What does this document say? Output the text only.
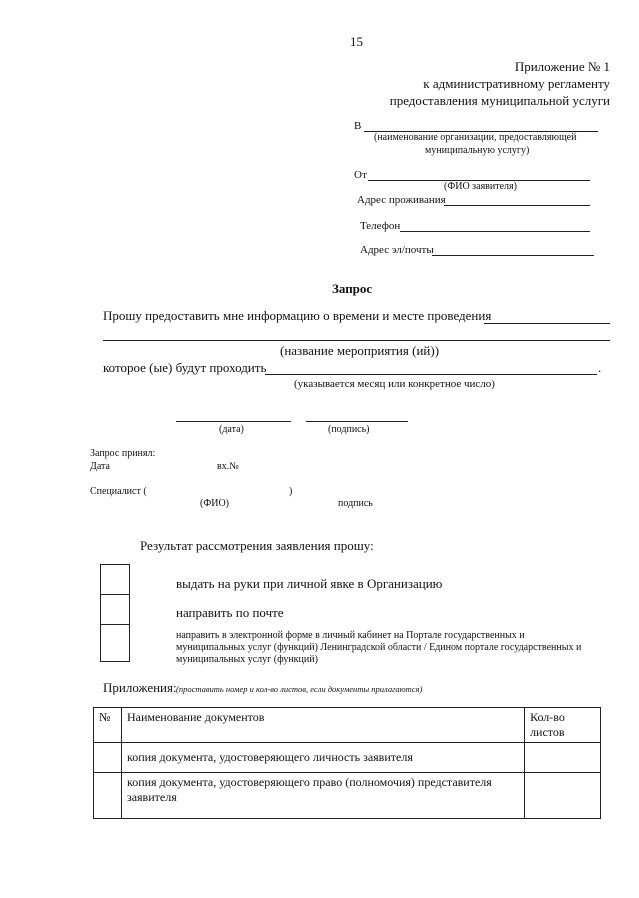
15
Приложение № 1
к административному регламенту
предоставления муниципальной услуги
В
(наименование организации, предоставляющей
муниципальную услугу)
От
(ФИО заявителя)
Адрес проживания
Телефон
Адрес эл/почты
Запрос
Прошу предоставить мне информацию о времени и месте проведения
(название мероприятия (ий))
которое (ые) будут проходить	.
(указывается месяц или конкретное число)
(дата)	(подпись)
Запрос принял:
Дата	вх.№
Специалист (	)
(ФИО)	подпись
Результат рассмотрения заявления прошу:
выдать на руки при личной явке в Организацию
направить по почте
направить в электронной форме в личный кабинет на Портале государственных и
муниципальных услуг (функций) Ленинградской области / Едином портале государственных и
муниципальных услуг (функций)
Приложения: (проставить номер и кол-во листов, если документы прилагаются)
№	Наименование документов	Кол-во
листов

	копия документа, удостоверяющего личность заявителя	

	копия документа, удостоверяющего право (полномочия) представителя
заявителя	
